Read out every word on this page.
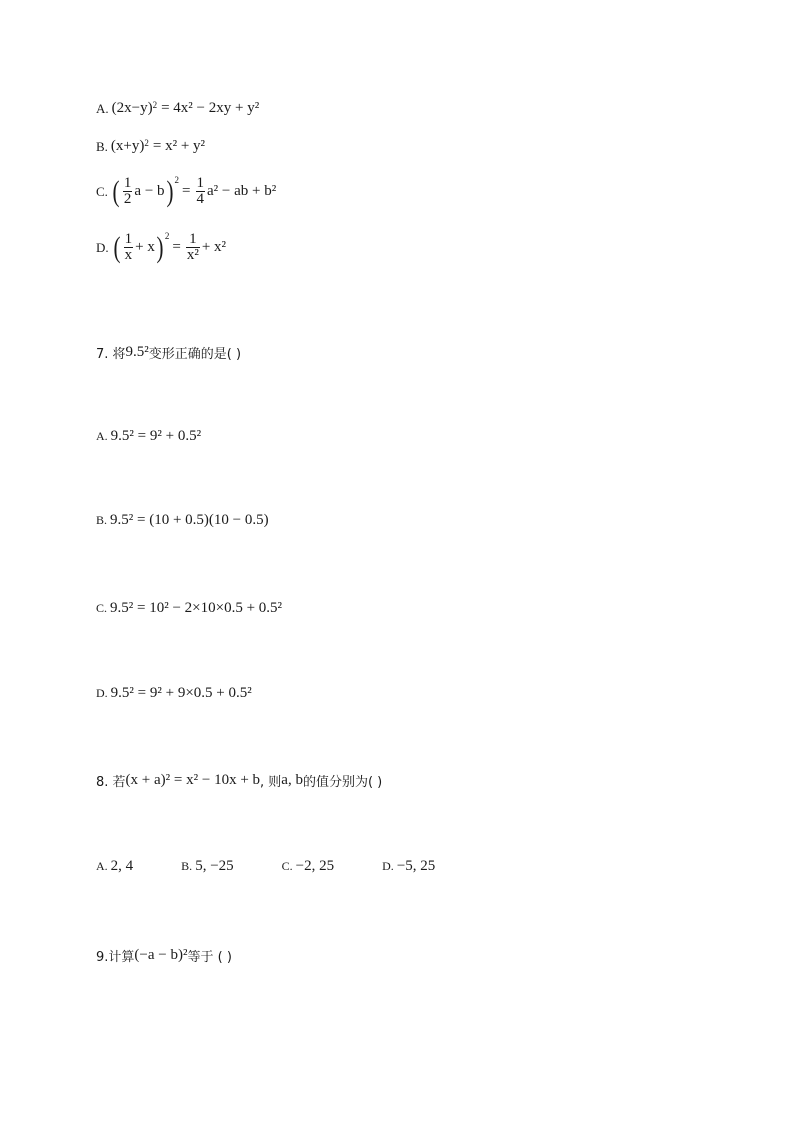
A. $(2x-y)^2 = 4x^2 - 2xy + y^2$
B. $(x+y)^2 = x^2 + y^2$
C. ( $\frac{1}{2}$ a − b )$^2$
= $\frac{1}{4} a^2$ − ab + b²
D. ( $\frac{1}{x} + x$ )$^2$
= $\frac{1}{\text{x²}} + x^2$
7. 将 9.5² 变形正确的是( )
A. 9.5² = 9² + 0.5²
B. 9.5² = (10 + 0.5)(10 − 0.5)
C. 9.5² = 10² − 2×10×0.5 + 0.5²
D. 9.5² = 9² + 9×0.5 + 0.5²
8. 若 (x + a)² = x² − 10x + b , 则 a, b 的值分别为( )
A. 2, 4	B. 5, −25	C. −2, 25	D. −5, 25
9.计算 (−a − b)² 等于 ( )
